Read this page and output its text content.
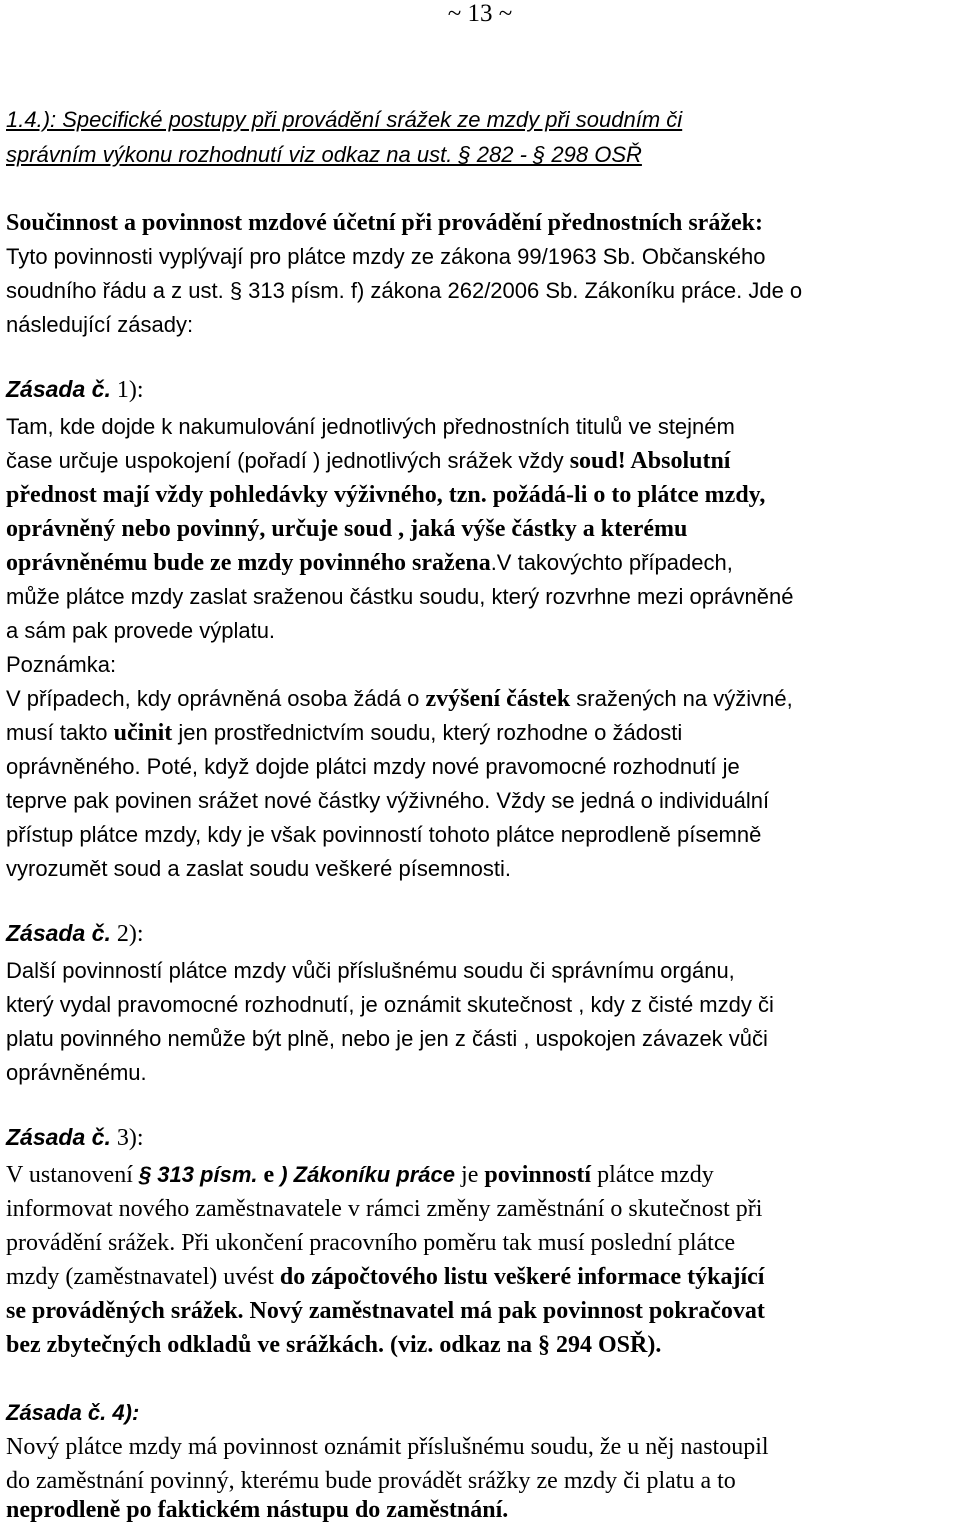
~ 13 ~

1.4.): Specifické postupy při provádění srážek ze mzdy při soudním či

správním výkonu rozhodnutí viz odkaz na ust. § 282 - § 298 OSŘ

Součinnost a povinnost mzdové účetní při provádění přednostních srážek:

Tyto povinnosti vyplývají pro plátce mzdy ze zákona 99/1963 Sb. Občanského

soudního řádu a z ust. § 313 písm. f) zákona 262/2006 Sb. Zákoníku práce. Jde o

následující zásady:

Zásada č. 1):

Tam, kde dojde k nakumulování jednotlivých přednostních titulů ve stejném

čase určuje uspokojení (pořadí ) jednotlivých srážek vždy soud! Absolutní

přednost mají vždy pohledávky výživného, tzn. požádá-li o to plátce mzdy,

oprávněný nebo povinný, určuje soud , jaká výše částky a kterému

oprávněnému bude ze mzdy povinného sražena.V takovýchto případech,

může plátce mzdy zaslat sraženou částku soudu, který rozvrhne mezi oprávněné

a sám pak provede výplatu.

Poznámka:

V případech, kdy oprávněná osoba žádá o zvýšení částek sražených na výživné,

musí takto učinit jen prostřednictvím soudu, který rozhodne o žádosti

oprávněného. Poté, když dojde plátci mzdy nové pravomocné rozhodnutí je

teprve pak povinen srážet nové částky výživného. Vždy se jedná o individuální

přístup plátce mzdy, kdy je však povinností tohoto plátce neprodleně písemně

vyrozumět soud a zaslat soudu veškeré písemnosti.

Zásada č. 2):

Další povinností plátce mzdy vůči příslušnému soudu či správnímu orgánu,

který vydal pravomocné rozhodnutí, je oznámit skutečnost , kdy z čisté mzdy či

platu povinného nemůže být plně, nebo je jen z části , uspokojen závazek vůči

oprávněnému.

Zásada č. 3):

V ustanovení § 313 písm. e ) Zákoníku práce je povinností plátce mzdy

informovat nového zaměstnavatele v rámci změny zaměstnání o skutečnost při

provádění srážek. Při ukončení pracovního poměru tak musí poslední plátce

mzdy (zaměstnavatel) uvést do zápočtového listu veškeré informace týkající

se prováděných srážek. Nový zaměstnavatel má pak povinnost pokračovat

bez zbytečných odkladů ve srážkách. (viz. odkaz na § 294 OSŘ).

Zásada č. 4):

Nový plátce mzdy má povinnost oznámit příslušnému soudu, že u něj nastoupil

do zaměstnání povinný, kterému bude provádět srážky ze mzdy či platu a to

neprodleně po faktickém nástupu do zaměstnání.
